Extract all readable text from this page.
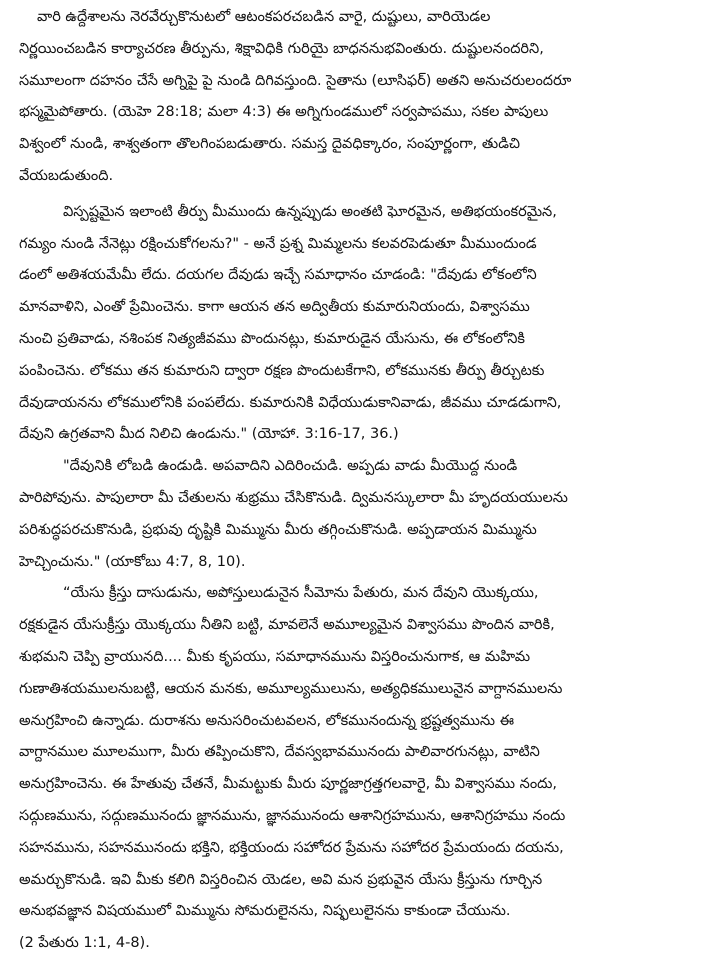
వారి ఉద్దేశాలను నెరవేర్చుకొనుటలో ఆటంకపరచబడిన వారై, దుష్టులు, వారియెడల
నిర్ణయించబడిన కార్యాచరణ తీర్పును, శిక్షావిధికి గురియై బాధననుభవింతురు. దుష్టులనందరిని,
సమూలంగా దహనం చేసే అగ్నిపై పై నుండి దిగివస్తుంది. సైతాను (లూసిఫర్) అతని అనుచరులందరూ
భస్మమైపోతారు. (యెహె 28:18; మలా 4:3) ఈ అగ్నిగుండములో సర్వపాపము, సకల పాపులు
విశ్వంలో నుండి, శాశ్వతంగా తొలగింపబడుతారు. సమస్త దైవధిక్కారం, సంపూర్ణంగా, తుడిచి
వేయబడుతుంది.

విస్పష్టమైన ఇలాంటి తీర్పు మీముందు ఉన్నప్పుడు అంతటి ఘోరమైన, అతిభయంకరమైన,
గమ్యం నుండి నేనెట్లు రక్షించుకోగలను?" - అనే ప్రశ్న మిమ్మలను కలవరపెడుతూ మీముందుండ
డంలో అతిశయమేమీ లేదు. దయగల దేవుడు ఇచ్చే సమాధానం చూడండి: "దేవుడు లోకంలోని
మానవాళిని, ఎంతో ప్రేమించెను. కాగా ఆయన తన అద్వితీయ కుమారునియందు, విశ్వాసము
నుంచి ప్రతివాడు, నశింపక నిత్యజీవము పొందునట్లు, కుమారుడైన యేసును, ఈ లోకంలోనికి
పంపించెను. లోకము తన కుమారుని ద్వారా రక్షణ పొందుటకేగాని, లోకమునకు తీర్పు తీర్చుటకు
దేవుడాయనను లోకములోనికి పంపలేదు. కుమారునికి విధేయుడుకానివాడు, జీవము చూడడుగాని,
దేవుని ఉగ్రతవాని మీద నిలిచి ఉండును." (యోహా. 3:16-17, 36.)

"దేవునికి లోబడి ఉండుడి. అపవాదిని ఎదిరించుడి. అప్పడు వాడు మీయొద్ద నుండి
పారిపోవును. పాపులారా మీ చేతులను శుభ్రము చేసికొనుడి. ద్విమనస్కులారా మీ హృదయయులను
పరిశుద్ధపరచుకొనుడి, ప్రభువు దృష్టికి మిమ్మును మీరు తగ్గించుకొనుడి. అప్పడాయన మిమ్మును
హెచ్చించును." (యాకోబు 4:7, 8, 10).

“యేసు క్రీస్తు దాసుడును, అపోస్తులుడునైన సీమోను పేతురు, మన దేవుని యొక్కయు,
రక్షకుడైన యేసుక్రీస్తు యొక్కయు నీతిని బట్టి, మావలెనే అమూల్యమైన విశ్వాసము పొందిన వారికి,
శుభమని చెప్పి వ్రాయునది.... మీకు కృపయు, సమాధానమును విస్తరించునుగాక, ఆ మహిమ
గుణాతిశయములనుబట్టి, ఆయన మనకు, అమూల్యములును, అత్యధికములునైన వాగ్దానములను
అనుగ్రహించి ఉన్నాడు. దురాశను అనుసరించుటవలన, లోకమునందున్న భ్రష్టత్వమును ఈ
వాగ్దానముల మూలముగా, మీరు తప్పించుకొని, దేవస్వభావమునందు పాలివారగునట్లు, వాటిని
అనుగ్రహించెను. ఈ హేతువు చేతనే, మీమట్టుకు మీరు పూర్ణజాగ్రత్తగలవారై, మీ విశ్వాసము నందు,
సద్గుణమును, సద్గుణమునందు జ్ఞానమును, జ్ఞానమునందు ఆశానిగ్రహమును, ఆశానిగ్రహము నందు
సహనమును, సహనమునందు భక్తిని, భక్తియందు సహోదర ప్రేమను సహోదర ప్రేమయందు దయను,
అమర్చుకొనుడి. ఇవి మీకు కలిగి విస్తరించిన యెడల, అవి మన ప్రభువైన యేసు క్రీస్తును గూర్చిన
అనుభవజ్ఞాన విషయములో మిమ్మును సోమరులైనను, నిష్ఫలులైనను కాకుండా చేయును.
(2 పేతురు 1:1, 4-8).
